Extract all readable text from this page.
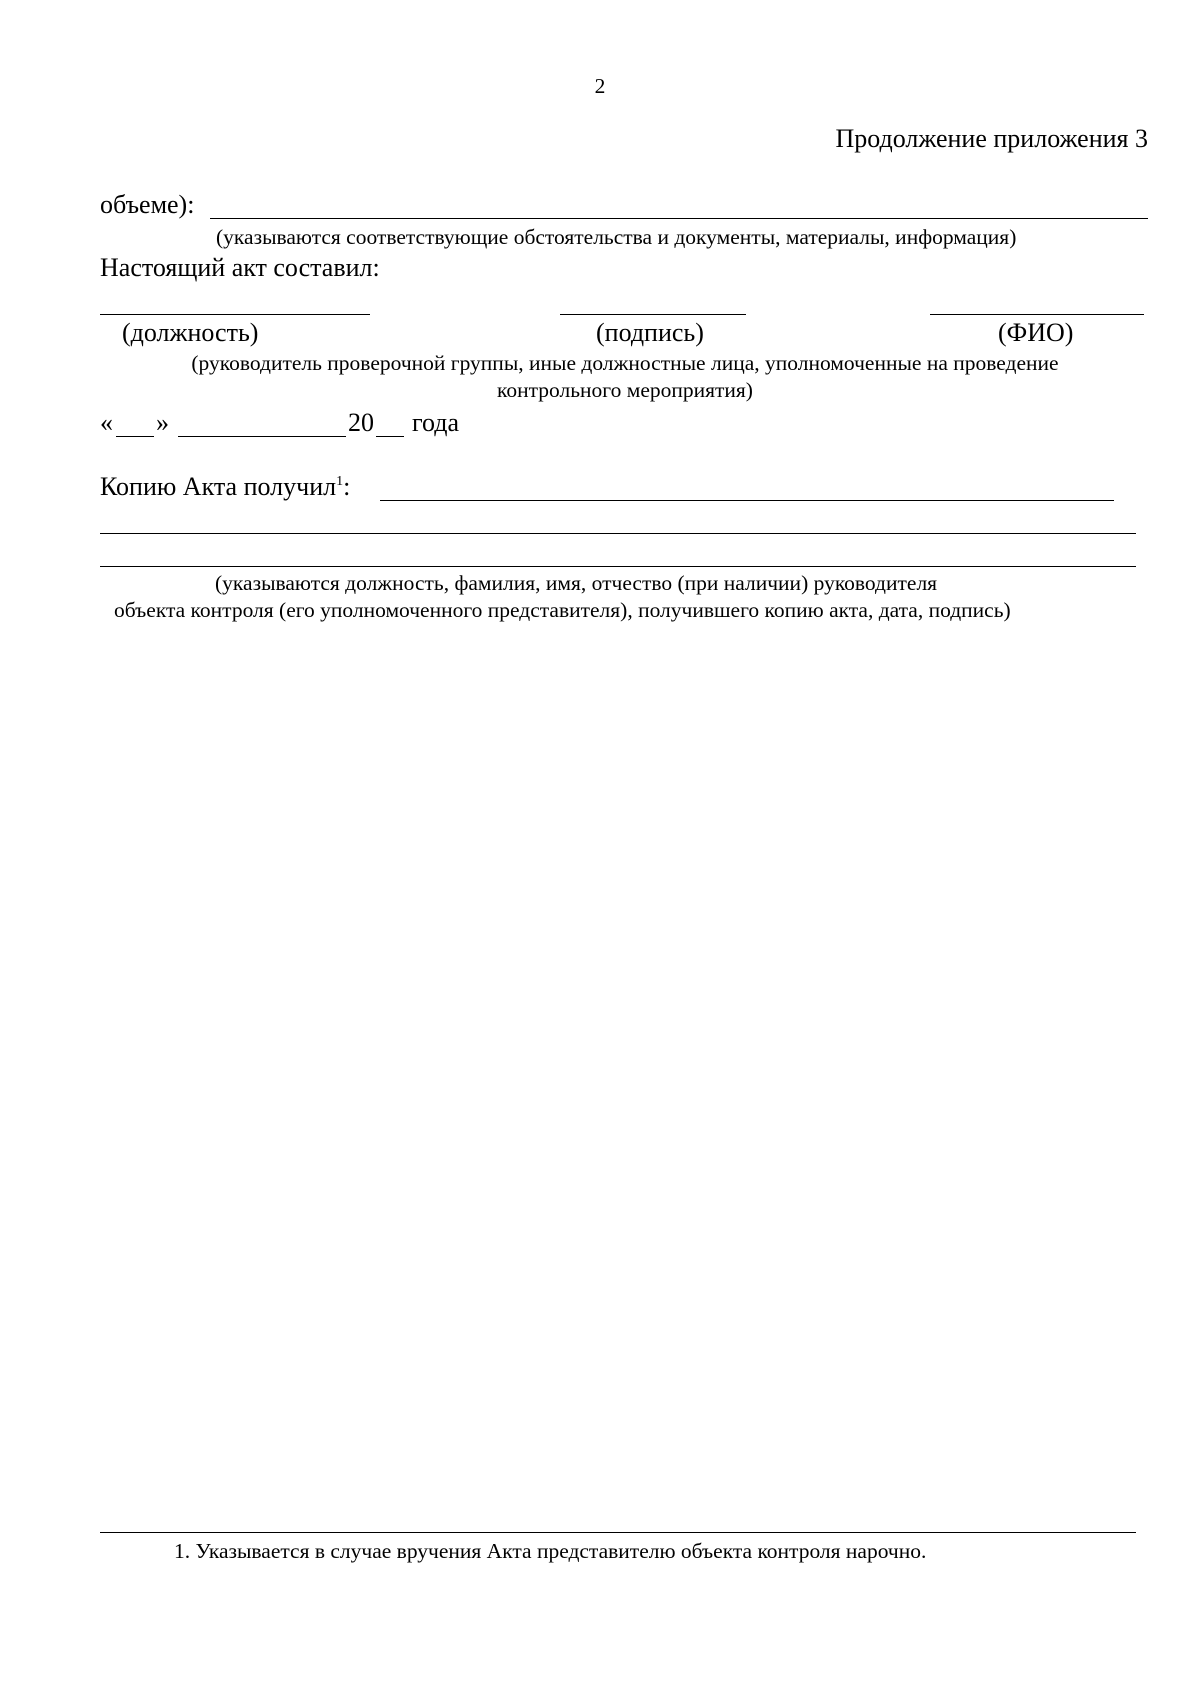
2
Продолжение приложения 3
объеме):
(указываются соответствующие обстоятельства и документы, материалы, информация)
Настоящий акт составил:
(должность)	(подпись)	(ФИО)
(руководитель проверочной группы, иные должностные лица, уполномоченные на проведение
контрольного мероприятия)
« »	20 года
Копию Акта получил$^1$:
(указываются должность, фамилия, имя, отчество (при наличии) руководителя
объекта контроля (его уполномоченного представителя), получившего копию акта, дата, подпись)
1. Указывается в случае вручения Акта представителю объекта контроля нарочно.
